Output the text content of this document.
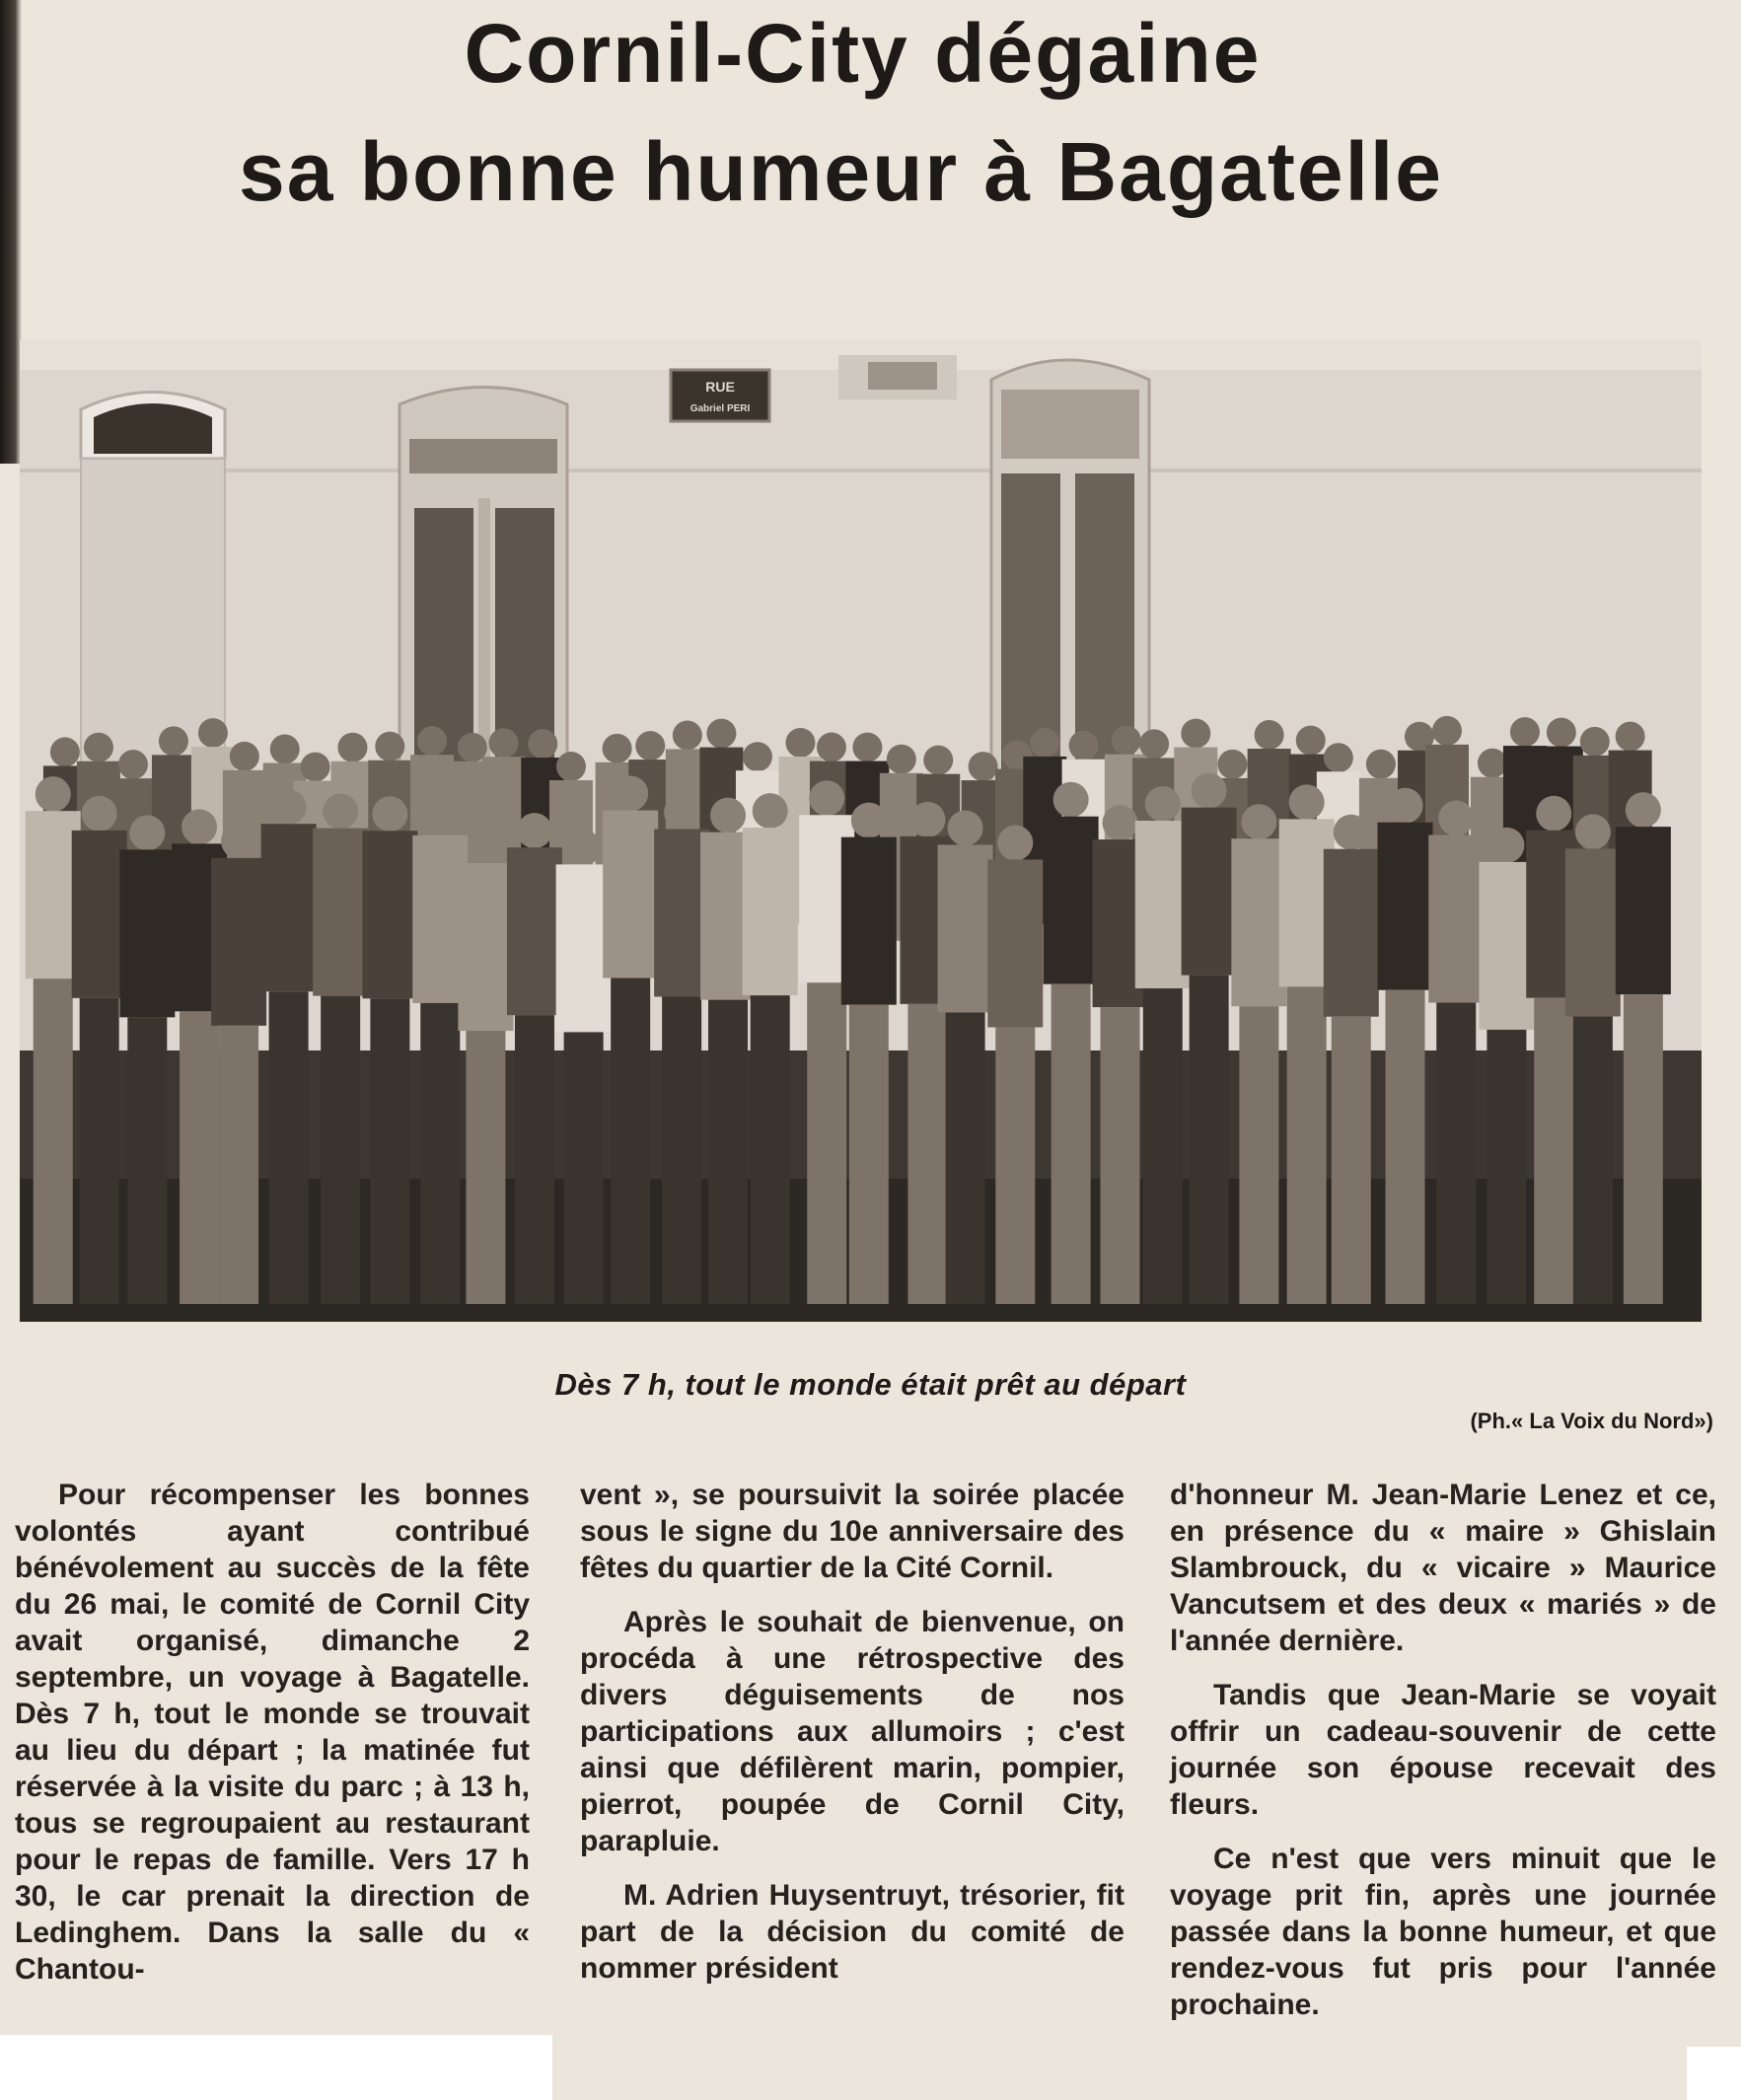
Cornil-City dégaine
sa bonne humeur à Bagatelle
RUE
Gabriel PERI
Dès 7 h, tout le monde était prêt au départ
(Ph.« La Voix du Nord»)

Pour récompenser les bonnes volontés ayant contribué bénévolement au succès de la fête du 26 mai, le comité de Cornil City avait organisé, dimanche 2 septembre, un voyage à Bagatelle. Dès 7 h, tout le monde se trouvait au lieu du départ ; la matinée fut réservée à la visite du parc ; à 13 h, tous se regroupaient au restaurant pour le repas de famille. Vers 17 h 30, le car prenait la direction de Ledinghem. Dans la salle du « Chantou-

vent », se poursuivit la soirée placée sous le signe du 10e anniversaire des fêtes du quartier de la Cité Cornil.

Après le souhait de bienvenue, on procéda à une rétrospective des divers déguisements de nos participations aux allumoirs ; c'est ainsi que défilèrent marin, pompier, pierrot, poupée de Cornil City, parapluie.

M. Adrien Huysentruyt, trésorier, fit part de la décision du comité de nommer président

d'honneur M. Jean-Marie Lenez et ce, en présence du « maire » Ghislain Slambrouck, du « vicaire » Maurice Vancutsem et des deux « mariés » de l'année dernière.

Tandis que Jean-Marie se voyait offrir un cadeau-souvenir de cette journée son épouse recevait des fleurs.

Ce n'est que vers minuit que le voyage prit fin, après une journée passée dans la bonne humeur, et que rendez-vous fut pris pour l'année prochaine.
